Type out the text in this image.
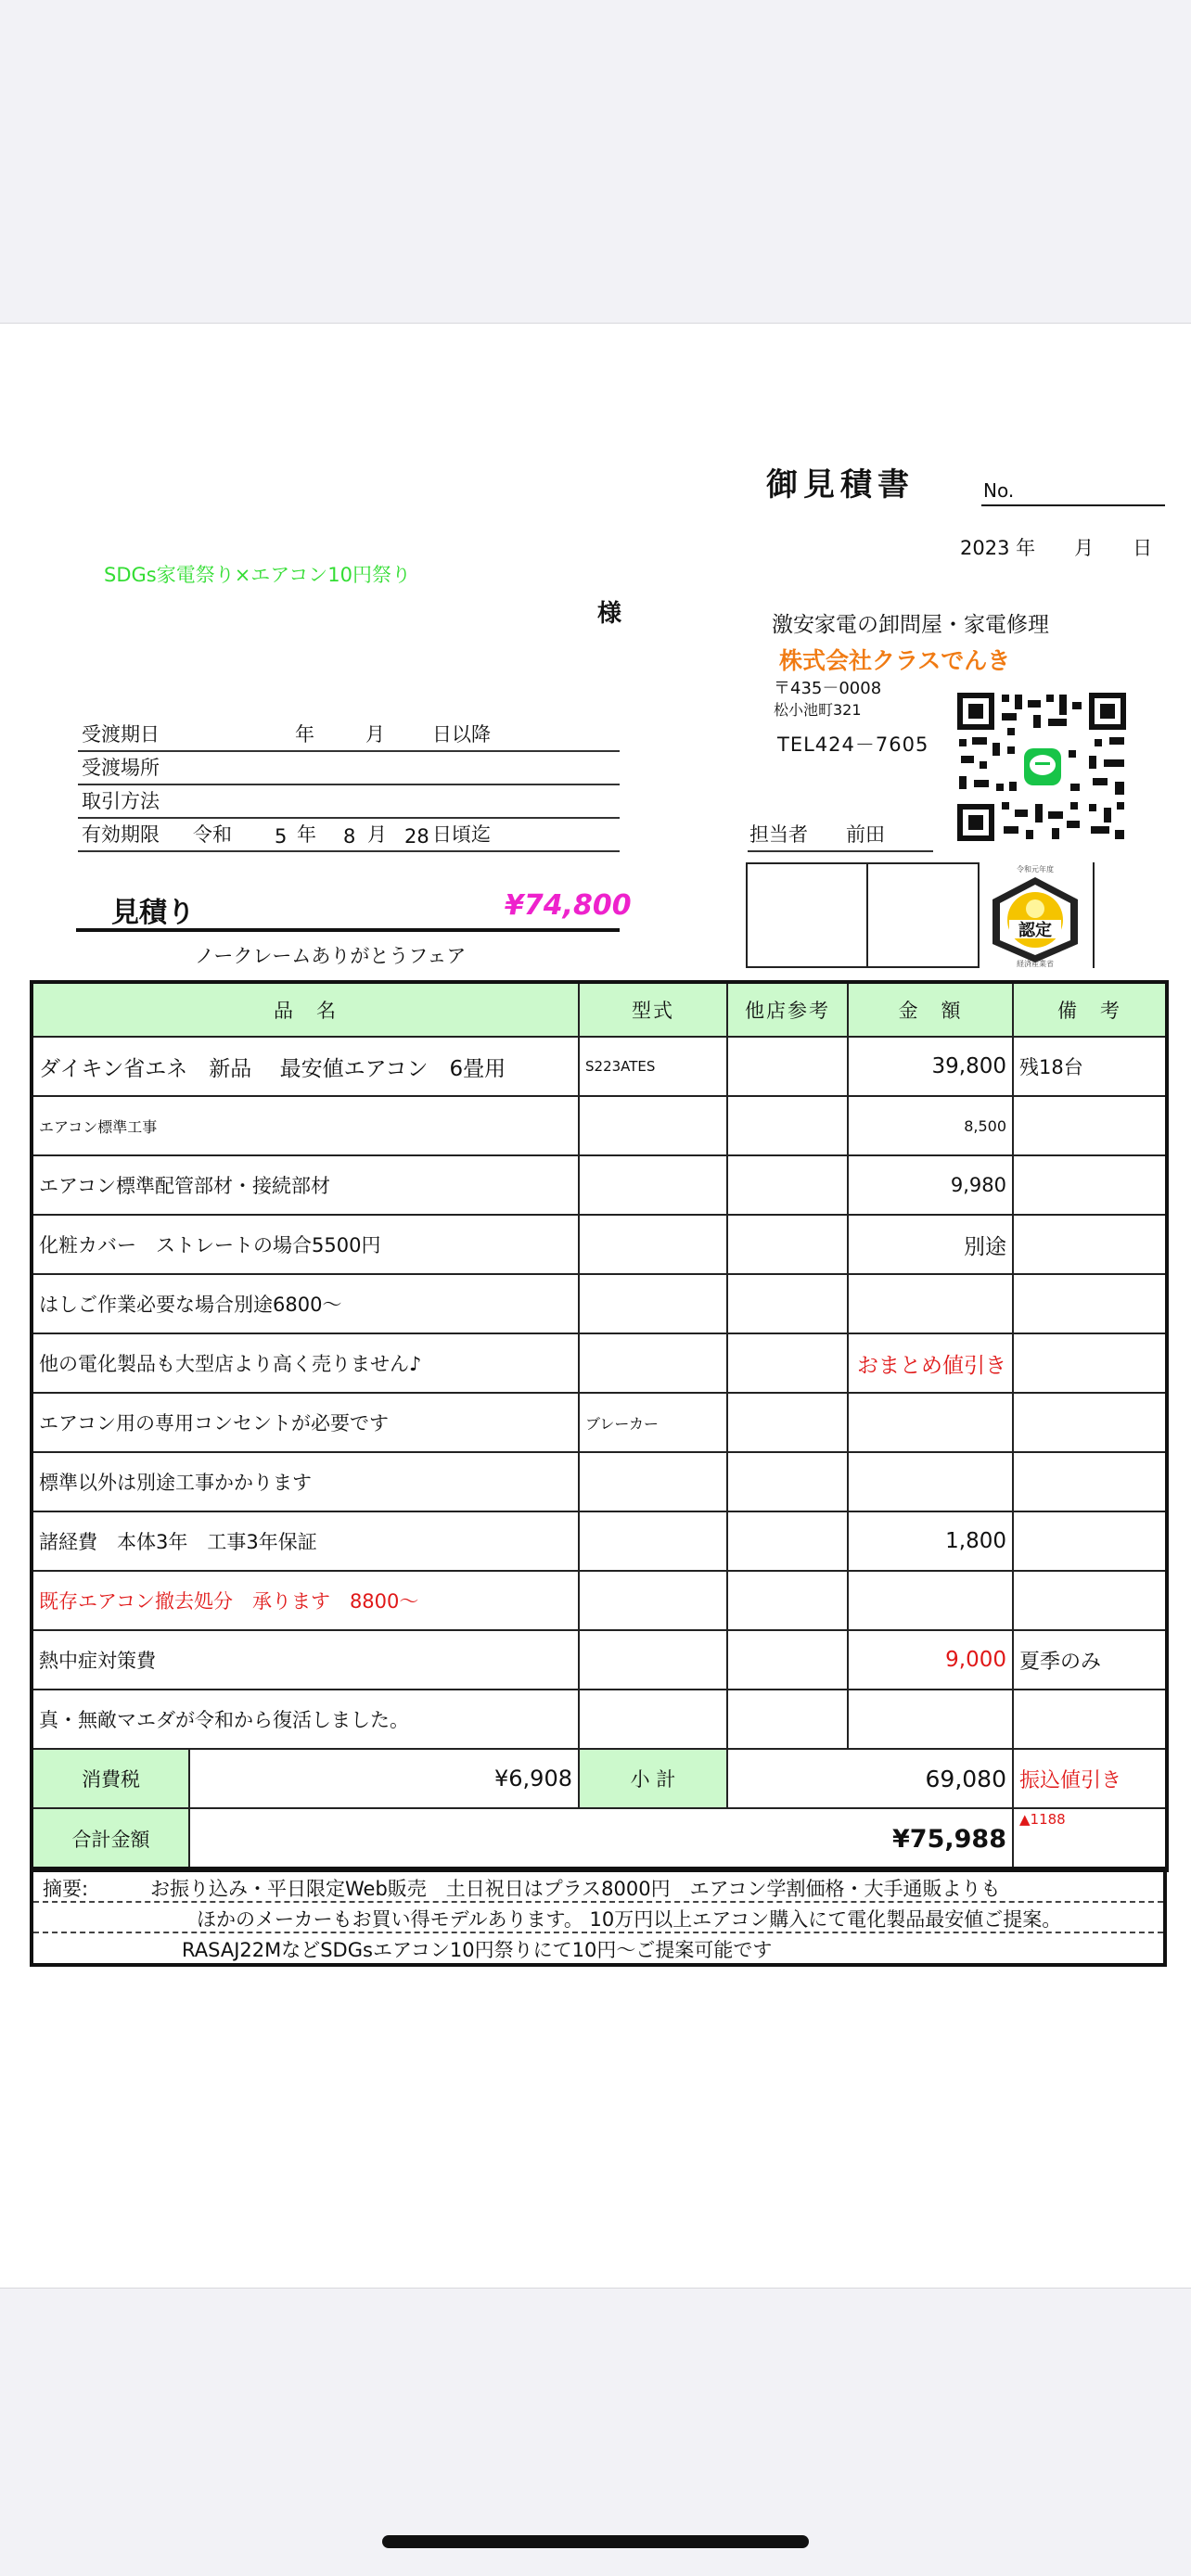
御見積書	No.
2023 年　　月　　日
SDGs家電祭り×エアコン10円祭り
様	激安家電の卸問屋・家電修理
株式会社クラスでんき
〒435－0008
松小池町321
TEL424－7605
受渡期日	年	月 日以降
受渡場所
取引方法
有効期限 令和 5 年 8 月 28 日頃迄	担当者 前田
令和元年度
認定
経済産業省
見積り	¥74,800
ノークレームありがとうフェア
品　名		型式	他店参考	金　額	備　考
ダイキン省エネ　新品　 最安値エアコン　6畳用		S223ATES		39,800	残18台
エアコン標準工事				8,500	
エアコン標準配管部材・接続部材				9,980	
化粧カバー　ストレートの場合5500円				別途	
はしご作業必要な場合別途6800～					
他の電化製品も大型店より高く売りません♪				おまとめ値引き	
エアコン用の専用コンセントが必要です		ブレーカー			
標準以外は別途工事かかります					
諸経費　本体3年　工事3年保証				1,800	
既存エアコン撤去処分　承ります　8800～					
熱中症対策費				9,000	夏季のみ
真・無敵マエダが令和から復活しました。					
消費税	¥6,908	小 計	69,080		振込値引き
合計金額	¥75,988				▲1188
摘要:	お振り込み・平日限定Web販売　土日祝日はプラス8000円　エアコン学割価格・大手通販よりも
ほかのメーカーもお買い得モデルあります。 10万円以上エアコン購入にて電化製品最安値ご提案。
RASAJ22MなどSDGsエアコン10円祭りにて10円～ご提案可能です
